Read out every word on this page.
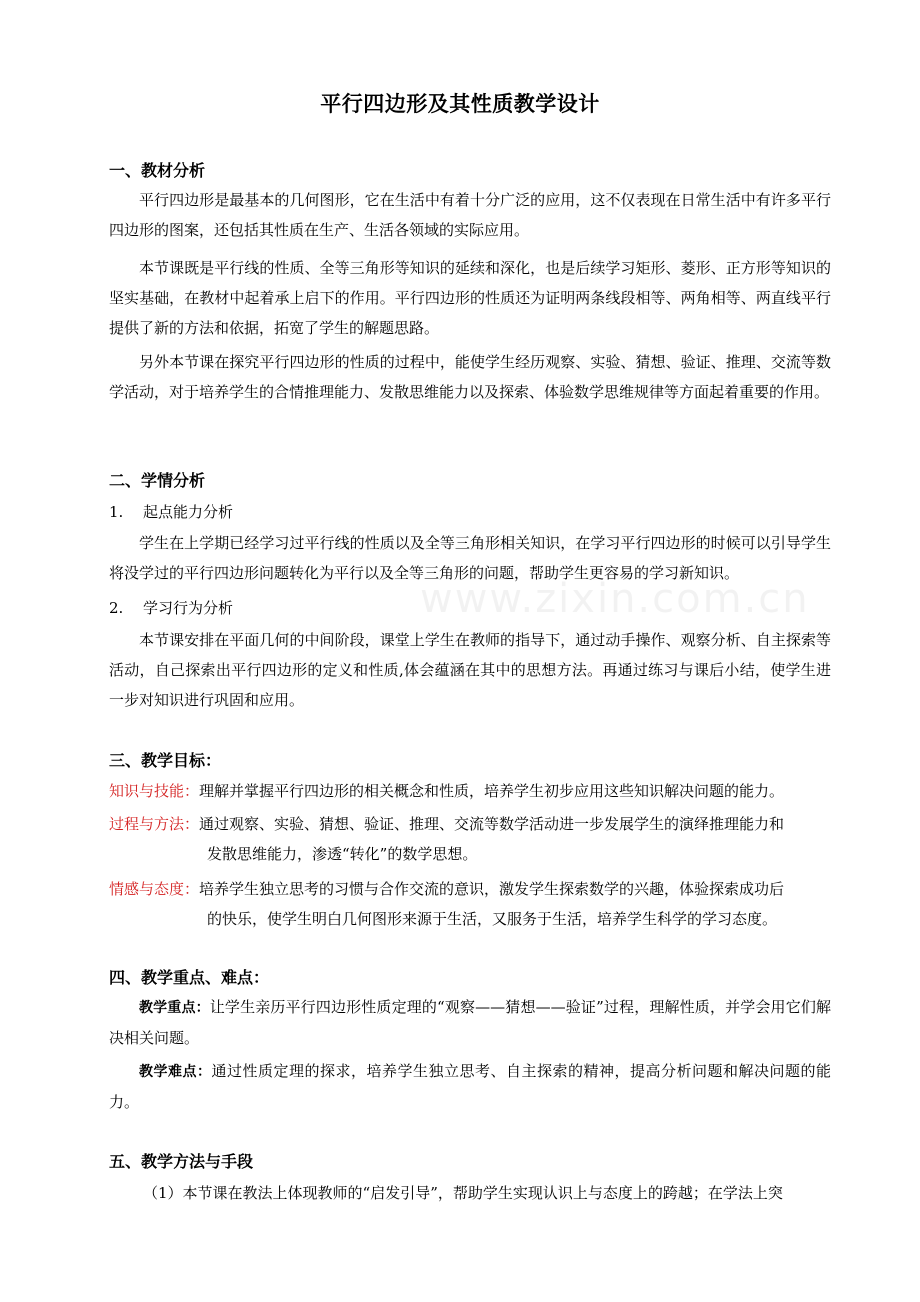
www.zixin.com.cn
平行四边形及其性质教学设计
一、教材分析
平行四边形是最基本的几何图形，它在生活中有着十分广泛的应用，这不仅表现在日常生活中有许多平行四边形的图案，还包括其性质在生产、生活各领域的实际应用。
本节课既是平行线的性质、全等三角形等知识的延续和深化，也是后续学习矩形、菱形、正方形等知识的坚实基础，在教材中起着承上启下的作用。平行四边形的性质还为证明两条线段相等、两角相等、两直线平行提供了新的方法和依据，拓宽了学生的解题思路。
另外本节课在探究平行四边形的性质的过程中，能使学生经历观察、实验、猜想、验证、推理、交流等数学活动，对于培养学生的合情推理能力、发散思维能力以及探索、体验数学思维规律等方面起着重要的作用。
二、学情分析
1. 起点能力分析
学生在上学期已经学习过平行线的性质以及全等三角形相关知识，在学习平行四边形的时候可以引导学生将没学过的平行四边形问题转化为平行以及全等三角形的问题，帮助学生更容易的学习新知识。
2. 学习行为分析
本节课安排在平面几何的中间阶段，课堂上学生在教师的指导下，通过动手操作、观察分析、自主探索等活动，自己探索出平行四边形的定义和性质,体会蕴涵在其中的思想方法。再通过练习与课后小结，使学生进一步对知识进行巩固和应用。
三、教学目标：
知识与技能：理解并掌握平行四边形的相关概念和性质，培养学生初步应用这些知识解决问题的能力。
过程与方法：通过观察、实验、猜想、验证、推理、交流等数学活动进一步发展学生的演绎推理能力和
发散思维能力，渗透“转化”的数学思想。
情感与态度：培养学生独立思考的习惯与合作交流的意识，激发学生探索数学的兴趣，体验探索成功后
的快乐，使学生明白几何图形来源于生活，又服务于生活，培养学生科学的学习态度。
四、教学重点、难点：
教学重点：让学生亲历平行四边形性质定理的“观察——猜想——验证”过程，理解性质，并学会用它们解决相关问题。
教学难点：通过性质定理的探求，培养学生独立思考、自主探索的精神，提高分析问题和解决问题的能力。
五、教学方法与手段
（1）本节课在教法上体现教师的“启发引导”，帮助学生实现认识上与态度上的跨越；在学法上突
